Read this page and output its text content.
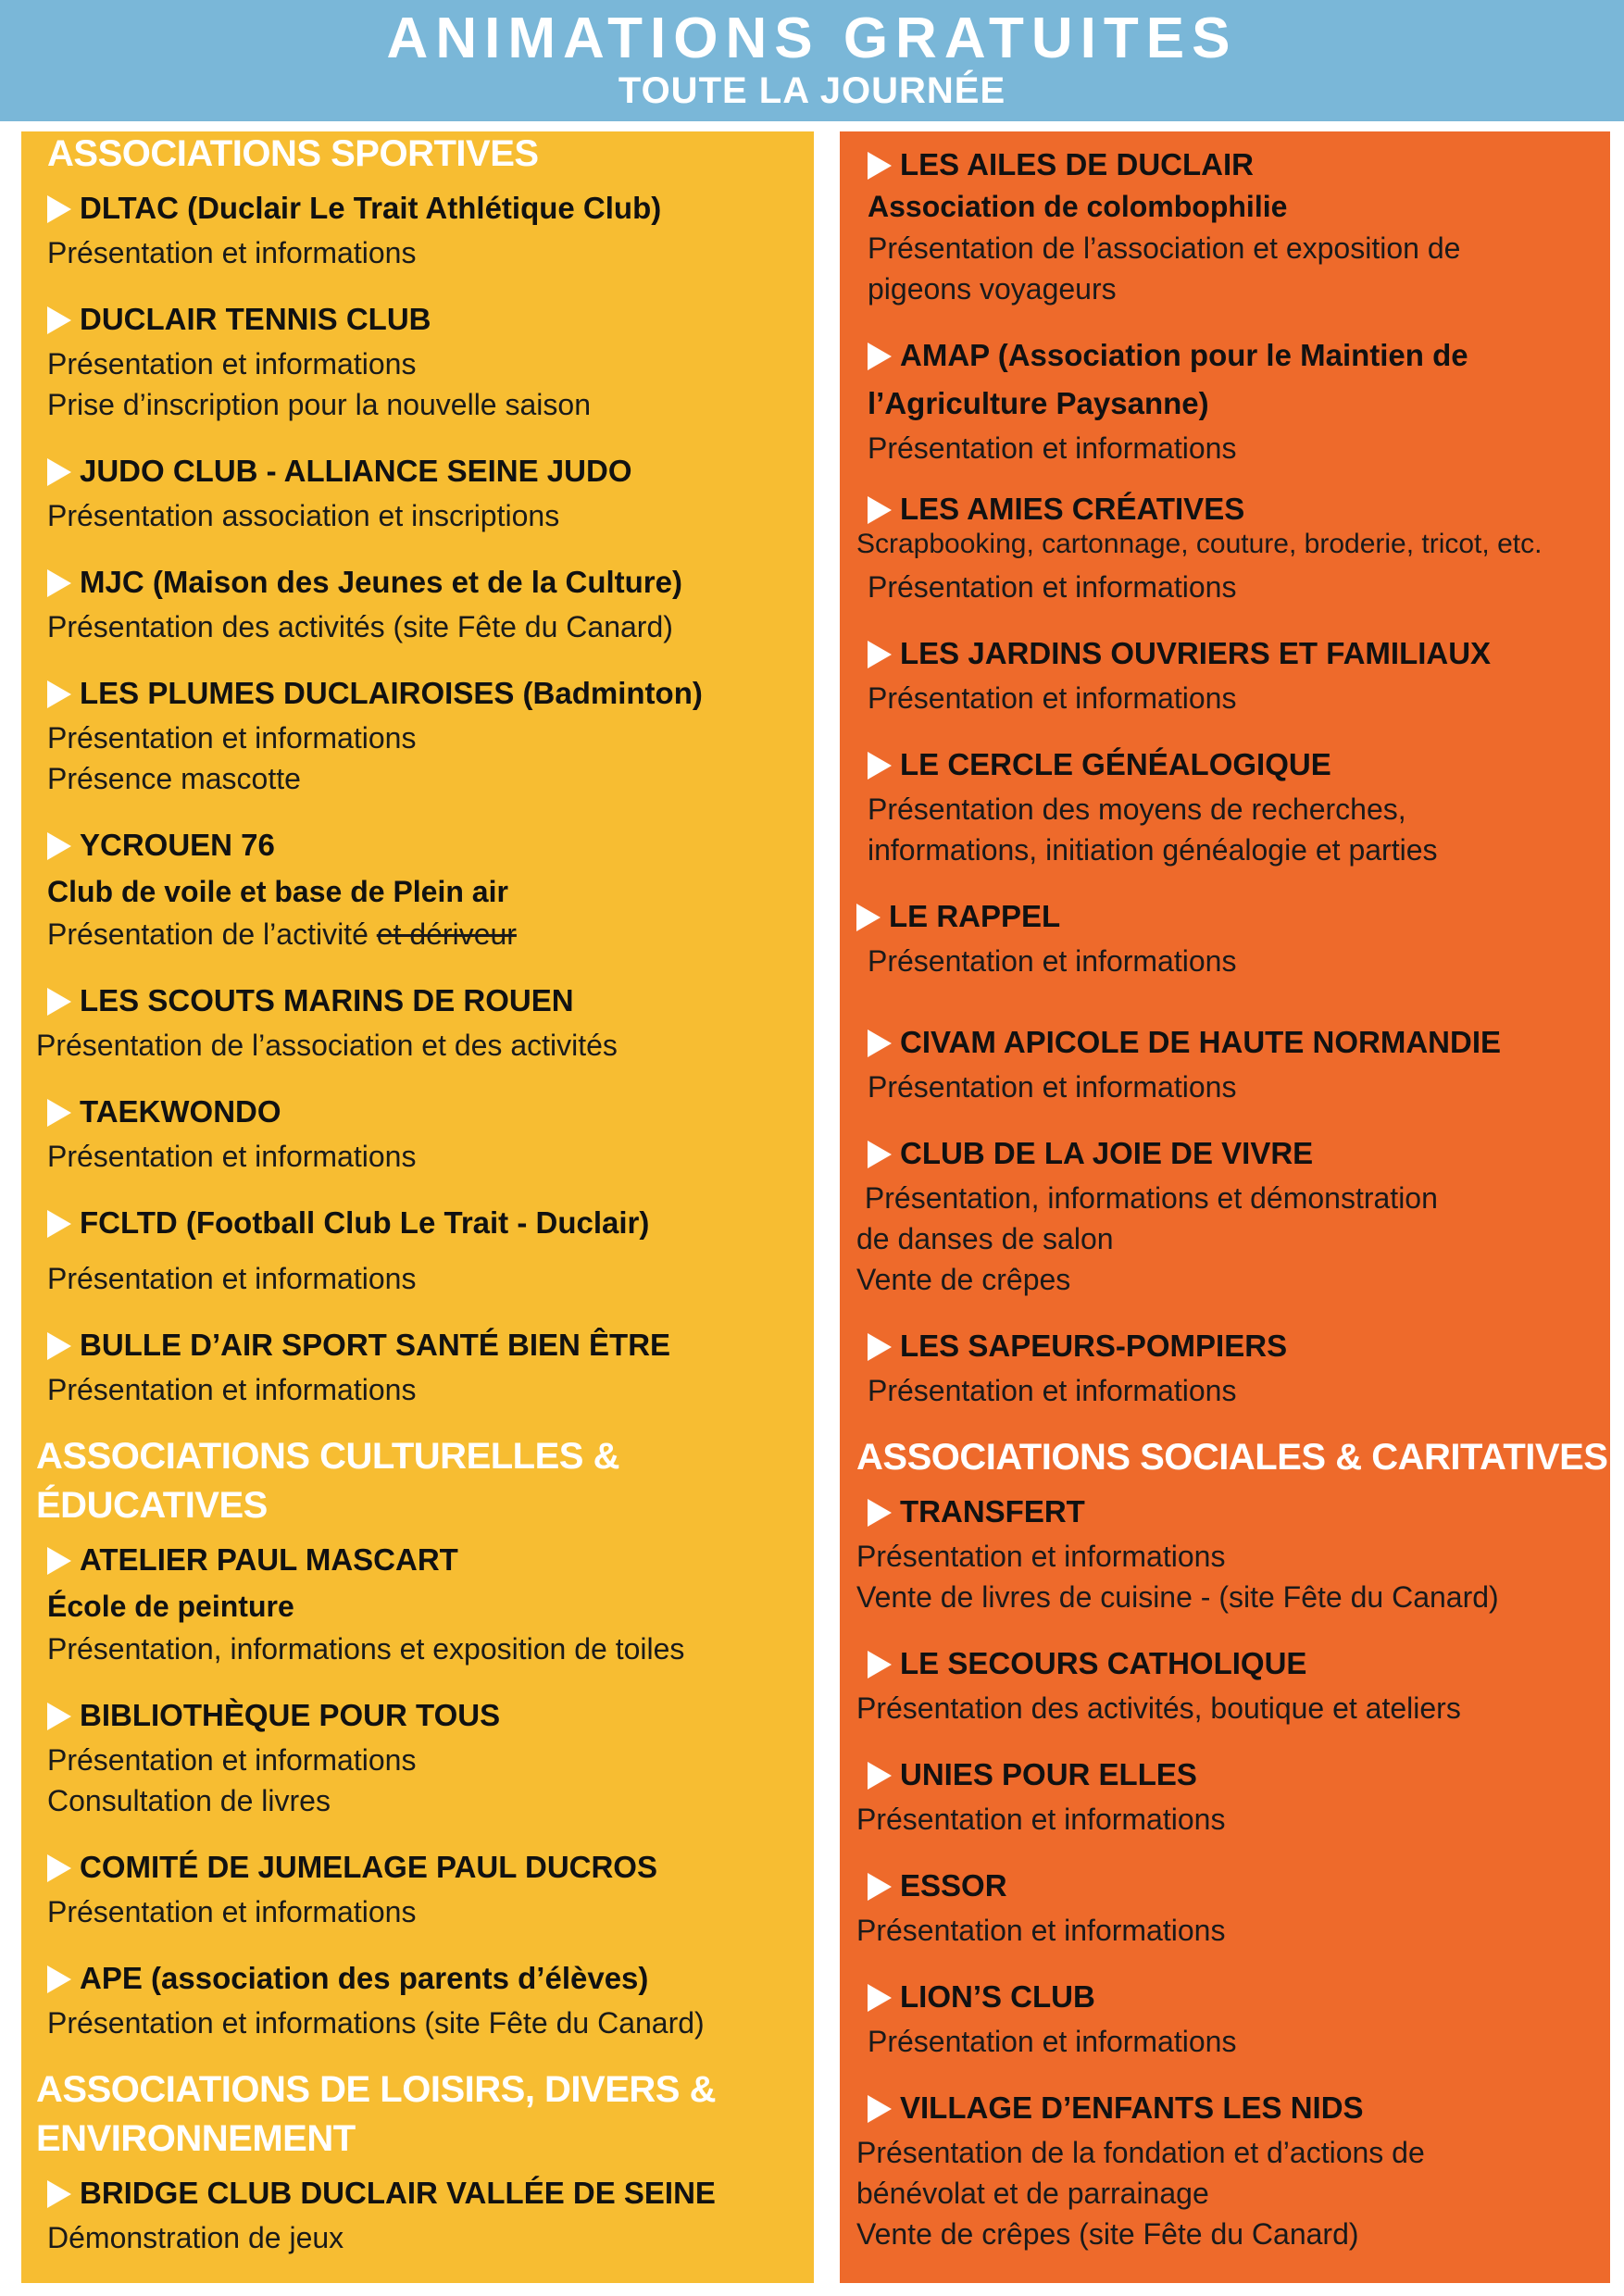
ANIMATIONS GRATUITES
TOUTE LA JOURNÉE
ASSOCIATIONS SPORTIVES
DLTAC (Duclair Le Trait Athlétique Club)
Présentation et informations
DUCLAIR TENNIS CLUB
Présentation et informations
Prise d’inscription pour la nouvelle saison
JUDO CLUB - ALLIANCE SEINE JUDO
Présentation association et inscriptions
MJC (Maison des Jeunes et de la Culture)
Présentation des activités (site Fête du Canard)
LES PLUMES DUCLAIROISES (Badminton)
Présentation et informations
Présence mascotte
YCROUEN 76
Club de voile et base de Plein air
Présentation de l’activité et dériveur
LES SCOUTS MARINS DE ROUEN
Présentation de l’association et des activités
TAEKWONDO
Présentation et informations
FCLTD (Football Club Le Trait - Duclair)
Présentation et informations
BULLE D’AIR SPORT SANTÉ BIEN ÊTRE
Présentation et informations
ASSOCIATIONS CULTURELLES &
ÉDUCATIVES
ATELIER PAUL MASCART
École de peinture
Présentation, informations et exposition de toiles
BIBLIOTHÈQUE POUR TOUS
Présentation et informations
Consultation de livres
COMITÉ DE JUMELAGE PAUL DUCROS
Présentation et informations
APE (association des parents d’élèves)
Présentation et informations (site Fête du Canard)
ASSOCIATIONS DE LOISIRS, DIVERS &
ENVIRONNEMENT
BRIDGE CLUB DUCLAIR VALLÉE DE SEINE
Démonstration de jeux
LES AILES DE DUCLAIR
Association de colombophilie
Présentation de l’association et exposition de
pigeons voyageurs
AMAP (Association pour le Maintien de
l’Agriculture Paysanne)
Présentation et informations
LES AMIES CRÉATIVES
Scrapbooking, cartonnage, couture, broderie, tricot, etc.
Présentation et informations
LES JARDINS OUVRIERS ET FAMILIAUX
Présentation et informations
LE CERCLE GÉNÉALOGIQUE
Présentation des moyens de recherches,
informations, initiation généalogie et parties
LE RAPPEL
Présentation et informations
CIVAM APICOLE DE HAUTE NORMANDIE
Présentation et informations
CLUB DE LA JOIE DE VIVRE
Présentation, informations et démonstration
de danses de salon
Vente de crêpes
LES SAPEURS-POMPIERS
Présentation et informations
ASSOCIATIONS SOCIALES & CARITATIVES
TRANSFERT
Présentation et informations
Vente de livres de cuisine - (site Fête du Canard)
LE SECOURS CATHOLIQUE
Présentation des activités, boutique et ateliers
UNIES POUR ELLES
Présentation et informations
ESSOR
Présentation et informations
LION’S CLUB
Présentation et informations
VILLAGE D’ENFANTS LES NIDS
Présentation de la fondation et d’actions de
bénévolat et de parrainage
Vente de crêpes (site Fête du Canard)
